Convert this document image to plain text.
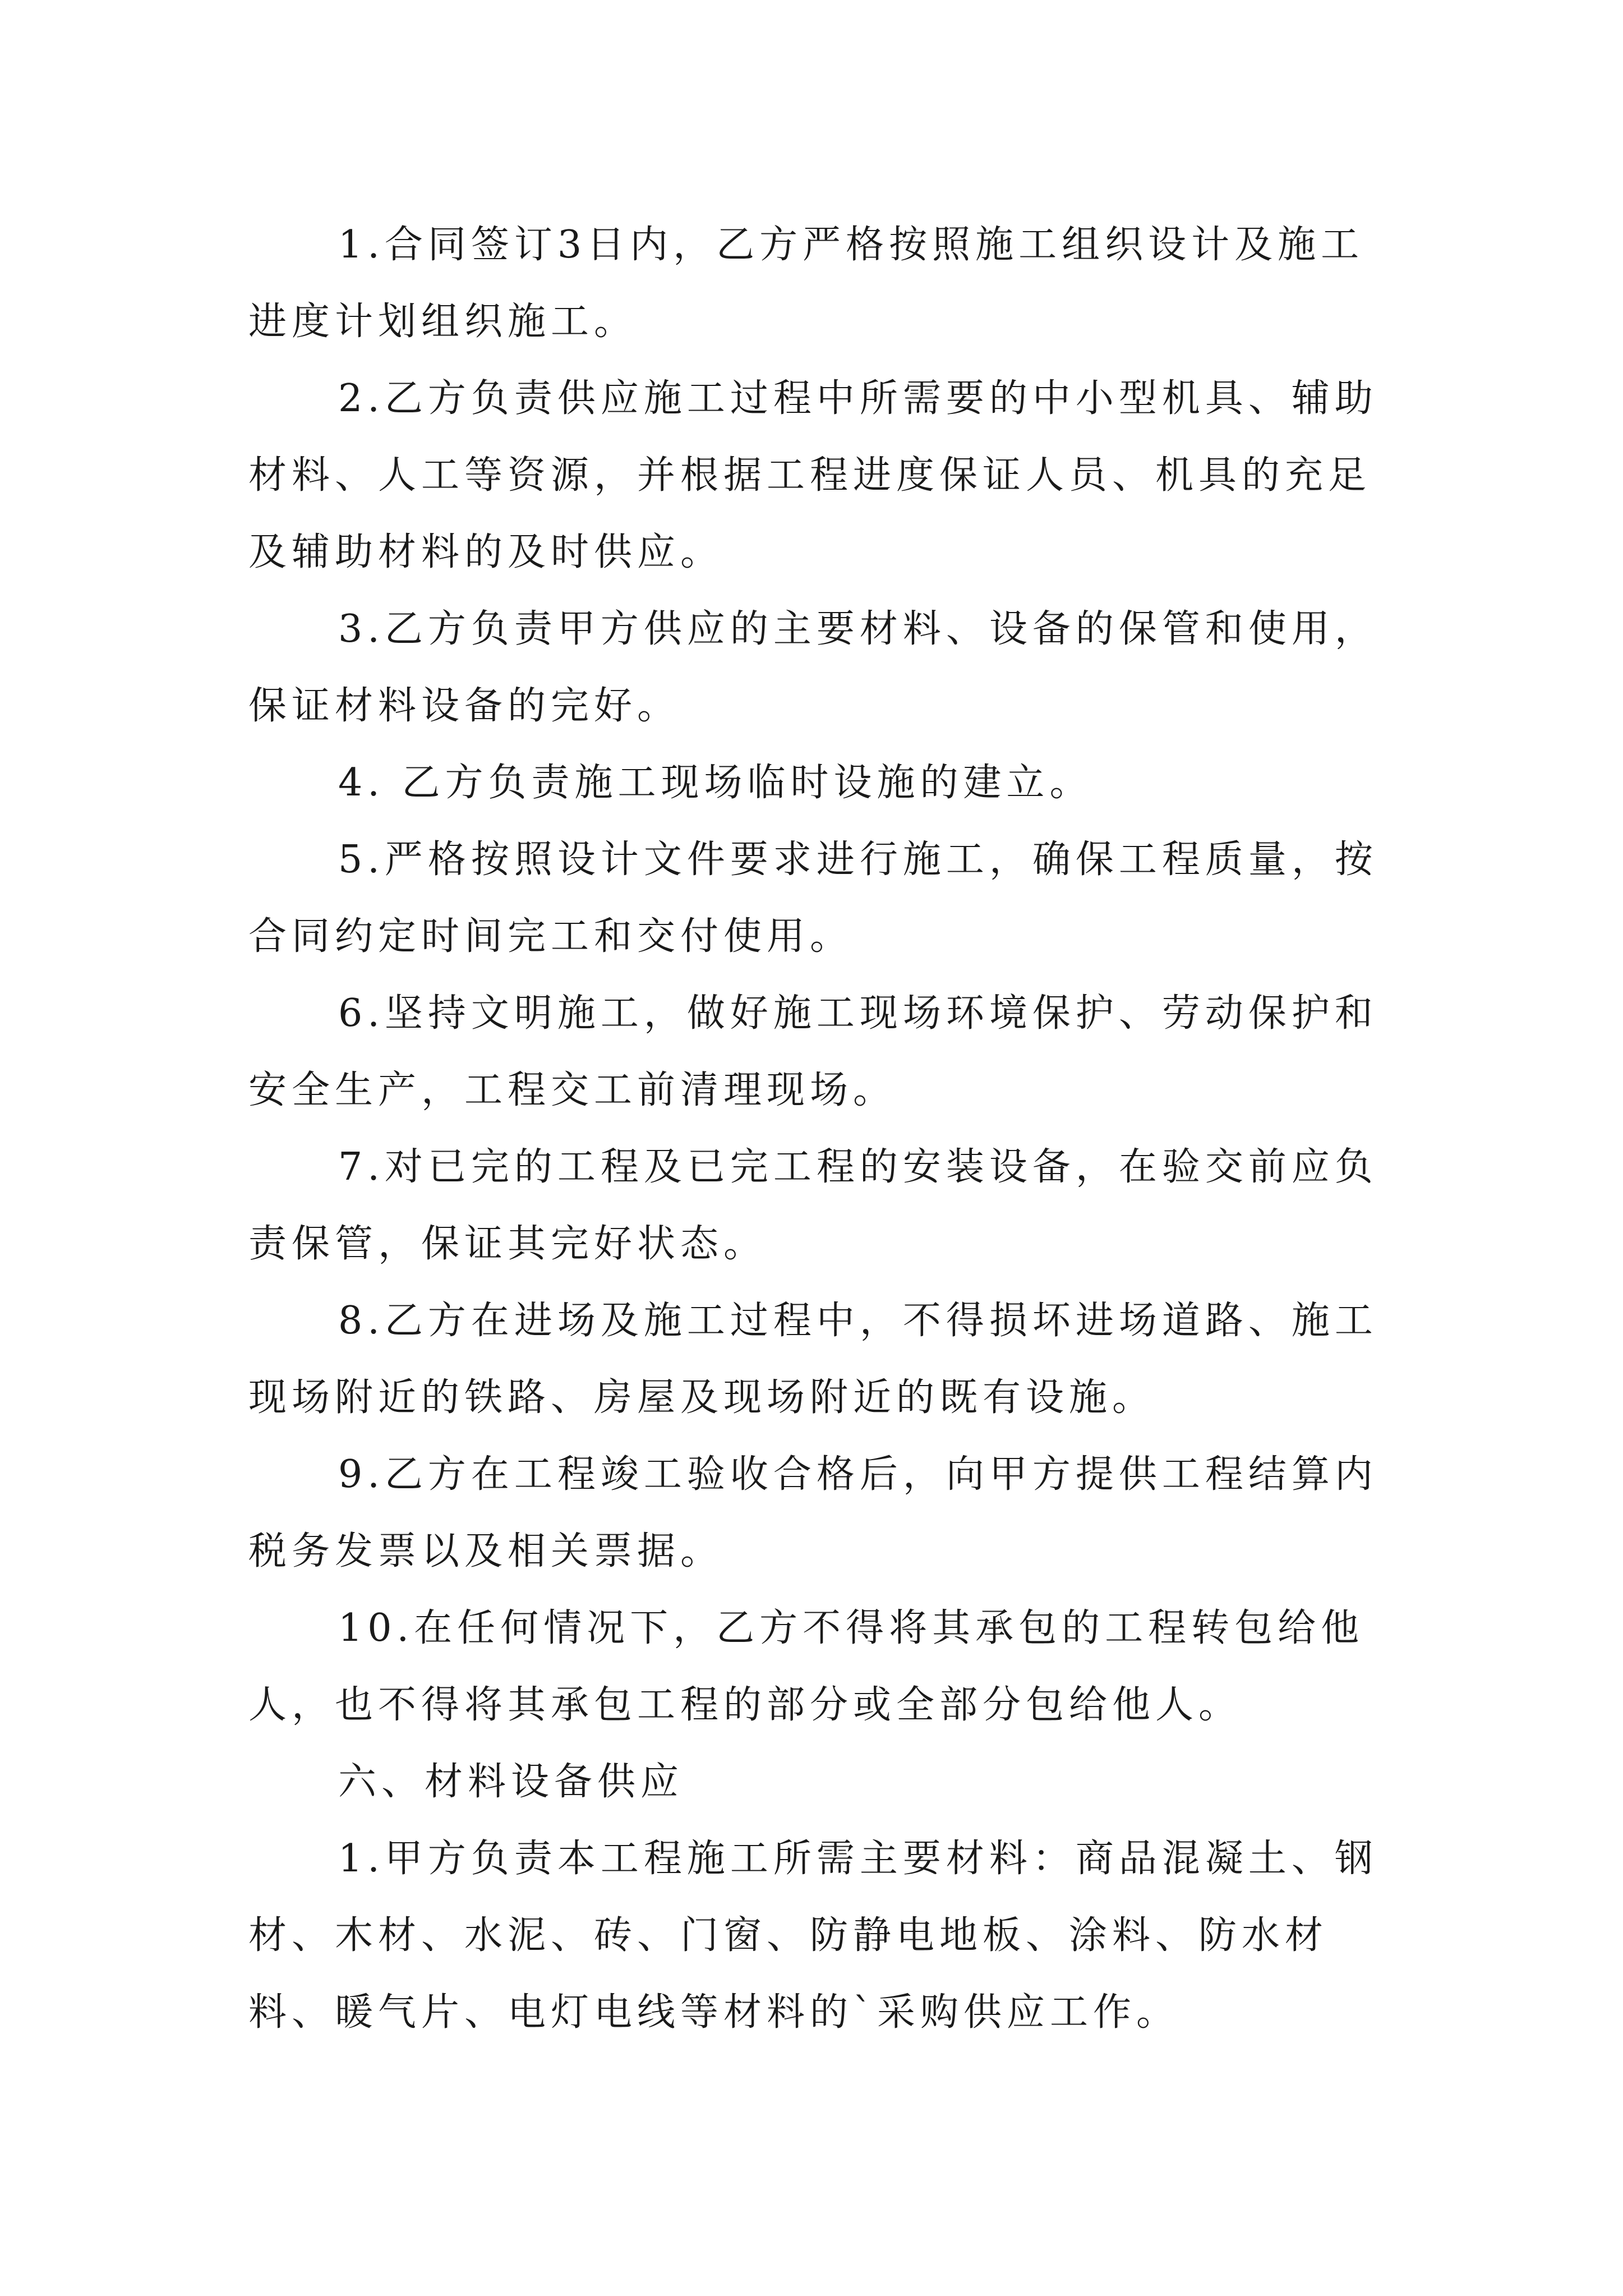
1.合同签订3日内，乙方严格按照施工组织设计及施工进度计划组织施工。

2.乙方负责供应施工过程中所需要的中小型机具、辅助材料、人工等资源，并根据工程进度保证人员、机具的充足及辅助材料的及时供应。

3.乙方负责甲方供应的主要材料、设备的保管和使用，保证材料设备的完好。

4. 乙方负责施工现场临时设施的建立。

5.严格按照设计文件要求进行施工，确保工程质量，按合同约定时间完工和交付使用。

6.坚持文明施工，做好施工现场环境保护、劳动保护和安全生产，工程交工前清理现场。

7.对已完的工程及已完工程的安装设备，在验交前应负责保管，保证其完好状态。

8.乙方在进场及施工过程中，不得损坏进场道路、施工现场附近的铁路、房屋及现场附近的既有设施。

9.乙方在工程竣工验收合格后，向甲方提供工程结算内税务发票以及相关票据。

10.在任何情况下，乙方不得将其承包的工程转包给他人，也不得将其承包工程的部分或全部分包给他人。

六、材料设备供应

1.甲方负责本工程施工所需主要材料：商品混凝土、钢材、木材、水泥、砖、门窗、防静电地板、涂料、防水材料、暖气片、电灯电线等材料的`采购供应工作。
